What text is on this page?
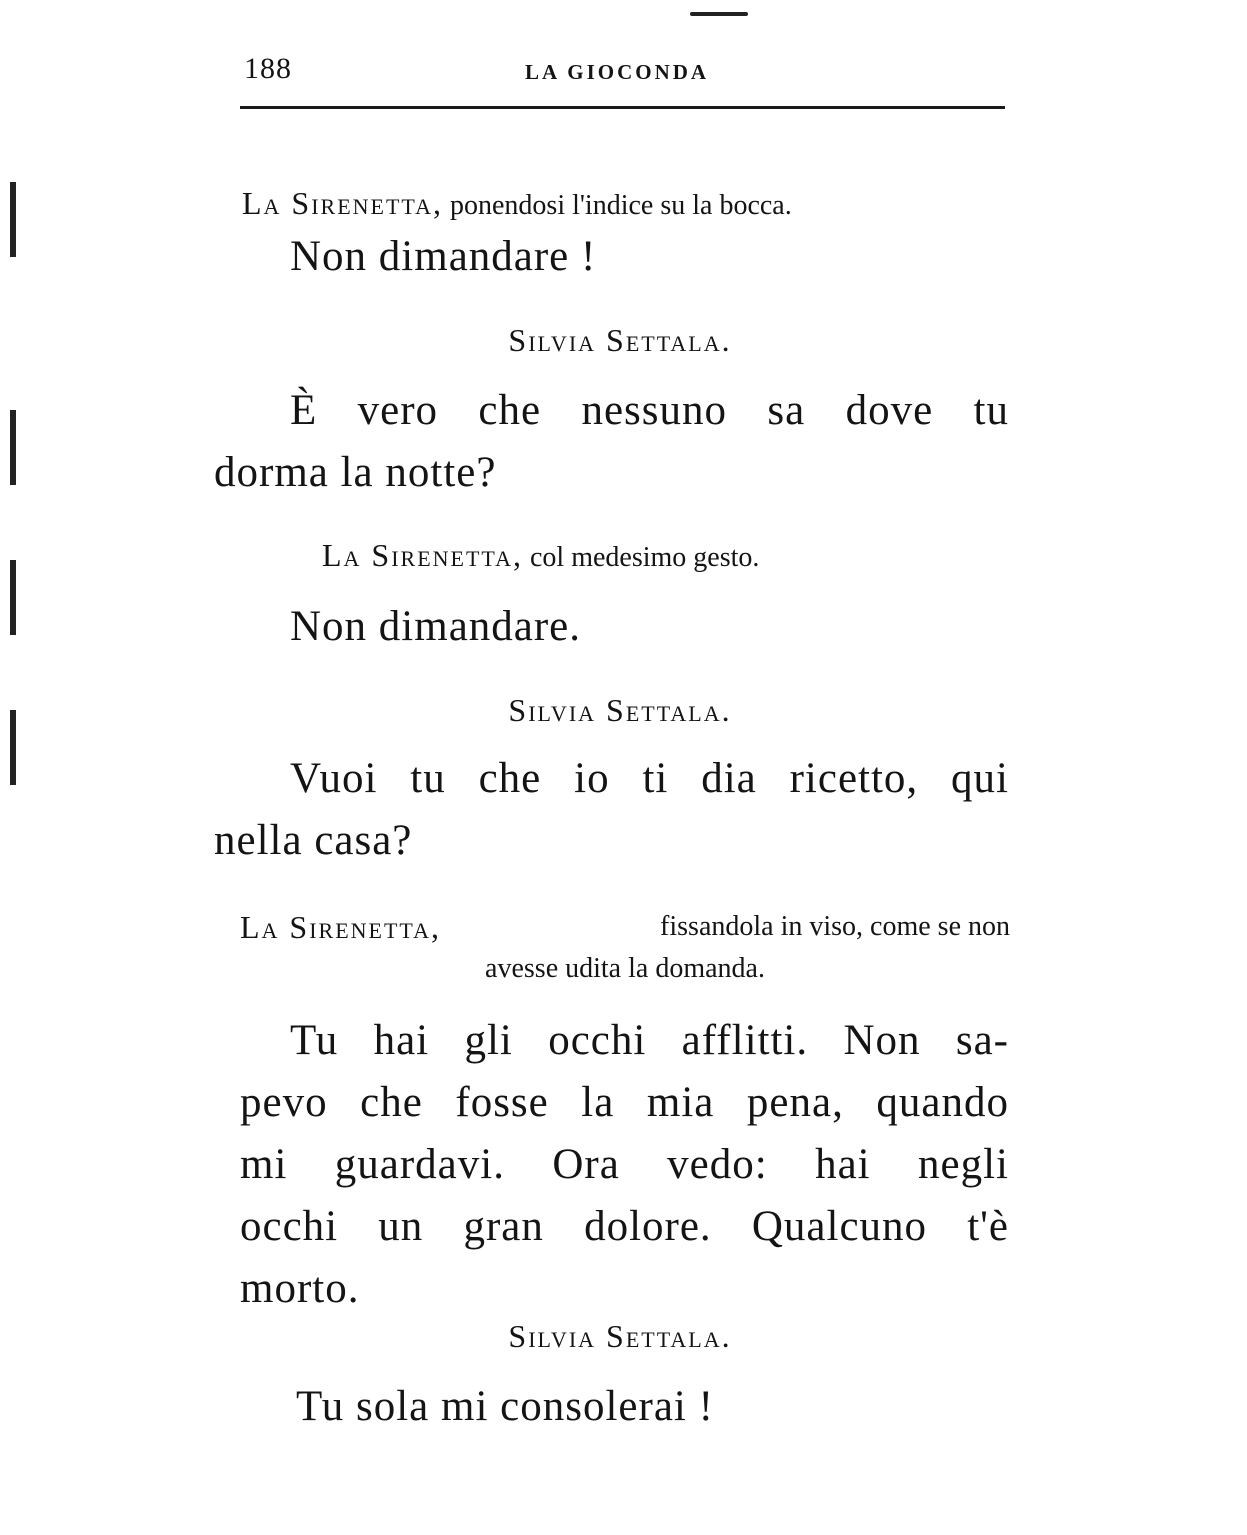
188	LA GIOCONDA

La Sirenetta, ponendosi l'indice su la bocca.

Non dimandare !

Silvia Settala.

È vero che nessuno sa dove tu
dorma la notte?

La Sirenetta, col medesimo gesto.

Non dimandare.

Silvia Settala.

Vuoi tu che io ti dia ricetto, qui
nella casa?
La Sirenetta,	fissandola in viso, come se non
avesse udita la domanda.
Tu hai gli occhi afflitti. Non sa-
pevo che fosse la mia pena, quando
mi guardavi. Ora vedo: hai negli
occhi un gran dolore. Qualcuno t'è
morto.

Silvia Settala.

Tu sola mi consolerai !
